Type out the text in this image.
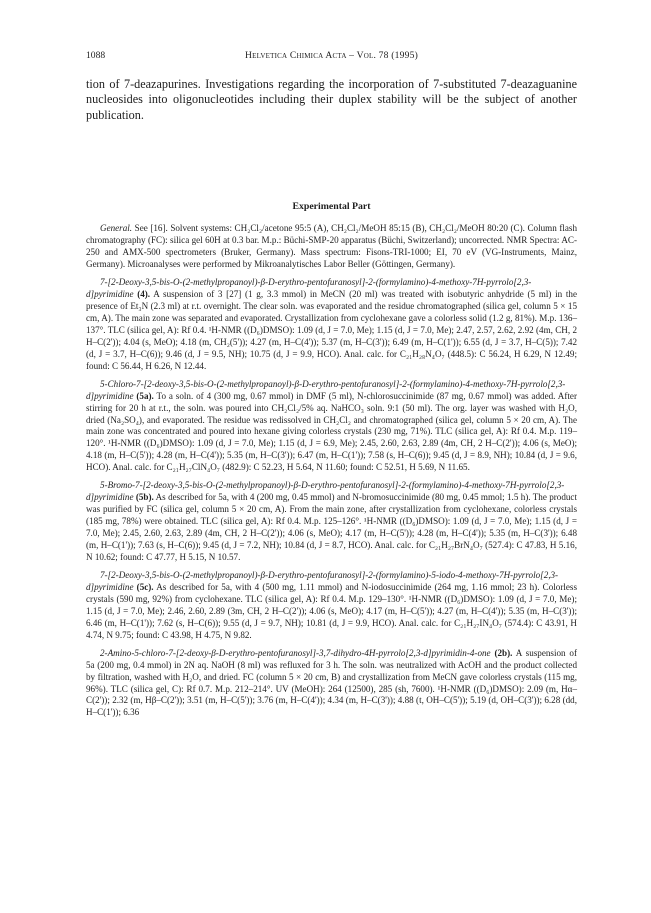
1088	Helvetica Chimica Acta – Vol. 78 (1995)

tion of 7-deazapurines. Investigations regarding the incorporation of 7-substituted 7-deazaguanine nucleosides into oligonucleotides including their duplex stability will be the subject of another publication.

Experimental Part

General. See [16]. Solvent systems: CH₂Cl₂/acetone 95:5 (A), CH₂Cl₂/MeOH 85:15 (B), CH₂Cl₂/MeOH 80:20 (C). Column flash chromatography (FC): silica gel 60H at 0.3 bar. M.p.: Büchi-SMP-20 apparatus (Büchi, Switzerland); uncorrected. NMR Spectra: AC-250 and AMX-500 spectrometers (Bruker, Germany). Mass spectrum: Fisons-TRI-1000; EI, 70 eV (VG-Instruments, Mainz, Germany). Microanalyses were performed by Mikroanalytisches Labor Beller (Göttingen, Germany).

7-[2-Deoxy-3,5-bis-O-(2-methylpropanoyl)-β-D-erythro-pentofuranosyl]-2-(formylamino)-4-methoxy-7H-pyrrolo[2,3-d]pyrimidine (4). A suspension of 3 [27] (1 g, 3.3 mmol) in MeCN (20 ml) was treated with isobutyric anhydride (5 ml) in the presence of Et₃N (2.3 ml) at r.t. overnight. The clear soln. was evaporated and the residue chromatographed (silica gel, column 5 × 15 cm, A). The main zone was separated and evaporated. Crystallization from cyclohexane gave a colorless solid (1.2 g, 81%). M.p. 136–137°. TLC (silica gel, A): Rf 0.4. ¹H-NMR ((D₆)DMSO): 1.09 (d, J = 7.0, Me); 1.15 (d, J = 7.0, Me); 2.47, 2.57, 2.62, 2.92 (4m, CH, 2 H–C(2')); 4.04 (s, MeO); 4.18 (m, CH₂(5')); 4.27 (m, H–C(4')); 5.37 (m, H–C(3')); 6.49 (m, H–C(1')); 6.55 (d, J = 3.7, H–C(5)); 7.42 (d, J = 3.7, H–C(6)); 9.46 (d, J = 9.5, NH); 10.75 (d, J = 9.9, HCO). Anal. calc. for C₂₁H₂₈N₄O₇ (448.5): C 56.24, H 6.29, N 12.49; found: C 56.44, H 6.26, N 12.44.

5-Chloro-7-[2-deoxy-3,5-bis-O-(2-methylpropanoyl)-β-D-erythro-pentofuranosyl]-2-(formylamino)-4-methoxy-7H-pyrrolo[2,3-d]pyrimidine (5a). To a soln. of 4 (300 mg, 0.67 mmol) in DMF (5 ml), N-chlorosuccinimide (87 mg, 0.67 mmol) was added. After stirring for 20 h at r.t., the soln. was poured into CH₂Cl₂/5% aq. NaHCO₃ soln. 9:1 (50 ml). The org. layer was washed with H₂O, dried (Na₂SO₄), and evaporated. The residue was redissolved in CH₂Cl₂ and chromatographed (silica gel, column 5 × 20 cm, A). The main zone was concentrated and poured into hexane giving colorless crystals (230 mg, 71%). TLC (silica gel, A): Rf 0.4. M.p. 119–120°. ¹H-NMR ((D₆)DMSO): 1.09 (d, J = 7.0, Me); 1.15 (d, J = 6.9, Me); 2.45, 2.60, 2.63, 2.89 (4m, CH, 2 H–C(2')); 4.06 (s, MeO); 4.18 (m, H–C(5')); 4.28 (m, H–C(4')); 5.35 (m, H–C(3')); 6.47 (m, H–C(1')); 7.58 (s, H–C(6)); 9.45 (d, J = 8.9, NH); 10.84 (d, J = 9.6, HCO). Anal. calc. for C₂₁H₂₇ClN₄O₇ (482.9): C 52.23, H 5.64, N 11.60; found: C 52.51, H 5.69, N 11.65.

5-Bromo-7-[2-deoxy-3,5-bis-O-(2-methylpropanoyl)-β-D-erythro-pentofuranosyl]-2-(formylamino)-4-methoxy-7H-pyrrolo[2,3-d]pyrimidine (5b). As described for 5a, with 4 (200 mg, 0.45 mmol) and N-bromosuccinimide (80 mg, 0.45 mmol; 1.5 h). The product was purified by FC (silica gel, column 5 × 20 cm, A). From the main zone, after crystallization from cyclohexane, colorless crystals (185 mg, 78%) were obtained. TLC (silica gel, A): Rf 0.4. M.p. 125–126°. ¹H-NMR ((D₆)DMSO): 1.09 (d, J = 7.0, Me); 1.15 (d, J = 7.0, Me); 2.45, 2.60, 2.63, 2.89 (4m, CH, 2 H–C(2')); 4.06 (s, MeO); 4.17 (m, H–C(5')); 4.28 (m, H–C(4')); 5.35 (m, H–C(3')); 6.48 (m, H–C(1')); 7.63 (s, H–C(6)); 9.45 (d, J = 7.2, NH); 10.84 (d, J = 8.7, HCO). Anal. calc. for C₂₁H₂₇BrN₄O₇ (527.4): C 47.83, H 5.16, N 10.62; found: C 47.77, H 5.15, N 10.57.

7-[2-Deoxy-3,5-bis-O-(2-methylpropanoyl)-β-D-erythro-pentofuranosyl]-2-(formylamino)-5-iodo-4-methoxy-7H-pyrrolo[2,3-d]pyrimidine (5c). As described for 5a, with 4 (500 mg, 1.11 mmol) and N-iodosuccinimide (264 mg, 1.16 mmol; 23 h). Colorless crystals (590 mg, 92%) from cyclohexane. TLC (silica gel, A): Rf 0.4. M.p. 129–130°. ¹H-NMR ((D₆)DMSO): 1.09 (d, J = 7.0, Me); 1.15 (d, J = 7.0, Me); 2.46, 2.60, 2.89 (3m, CH, 2 H–C(2')); 4.06 (s, MeO); 4.17 (m, H–C(5')); 4.27 (m, H–C(4')); 5.35 (m, H–C(3')); 6.46 (m, H–C(1')); 7.62 (s, H–C(6)); 9.55 (d, J = 9.7, NH); 10.81 (d, J = 9.9, HCO). Anal. calc. for C₂₁H₂₇IN₄O₇ (574.4): C 43.91, H 4.74, N 9.75; found: C 43.98, H 4.75, N 9.82.

2-Amino-5-chloro-7-[2-deoxy-β-D-erythro-pentofuranosyl]-3,7-dihydro-4H-pyrrolo[2,3-d]pyrimidin-4-one (2b). A suspension of 5a (200 mg, 0.4 mmol) in 2N aq. NaOH (8 ml) was refluxed for 3 h. The soln. was neutralized with AcOH and the product collected by filtration, washed with H₂O, and dried. FC (column 5 × 20 cm, B) and crystallization from MeCN gave colorless crystals (115 mg, 96%). TLC (silica gel, C): Rf 0.7. M.p. 212–214°. UV (MeOH): 264 (12500), 285 (sh, 7600). ¹H-NMR ((D₆)DMSO): 2.09 (m, Hα–C(2')); 2.32 (m, Hβ–C(2')); 3.51 (m, H–C(5')); 3.76 (m, H–C(4')); 4.34 (m, H–C(3')); 4.88 (t, OH–C(5')); 5.19 (d, OH–C(3')); 6.28 (dd, H–C(1')); 6.36
